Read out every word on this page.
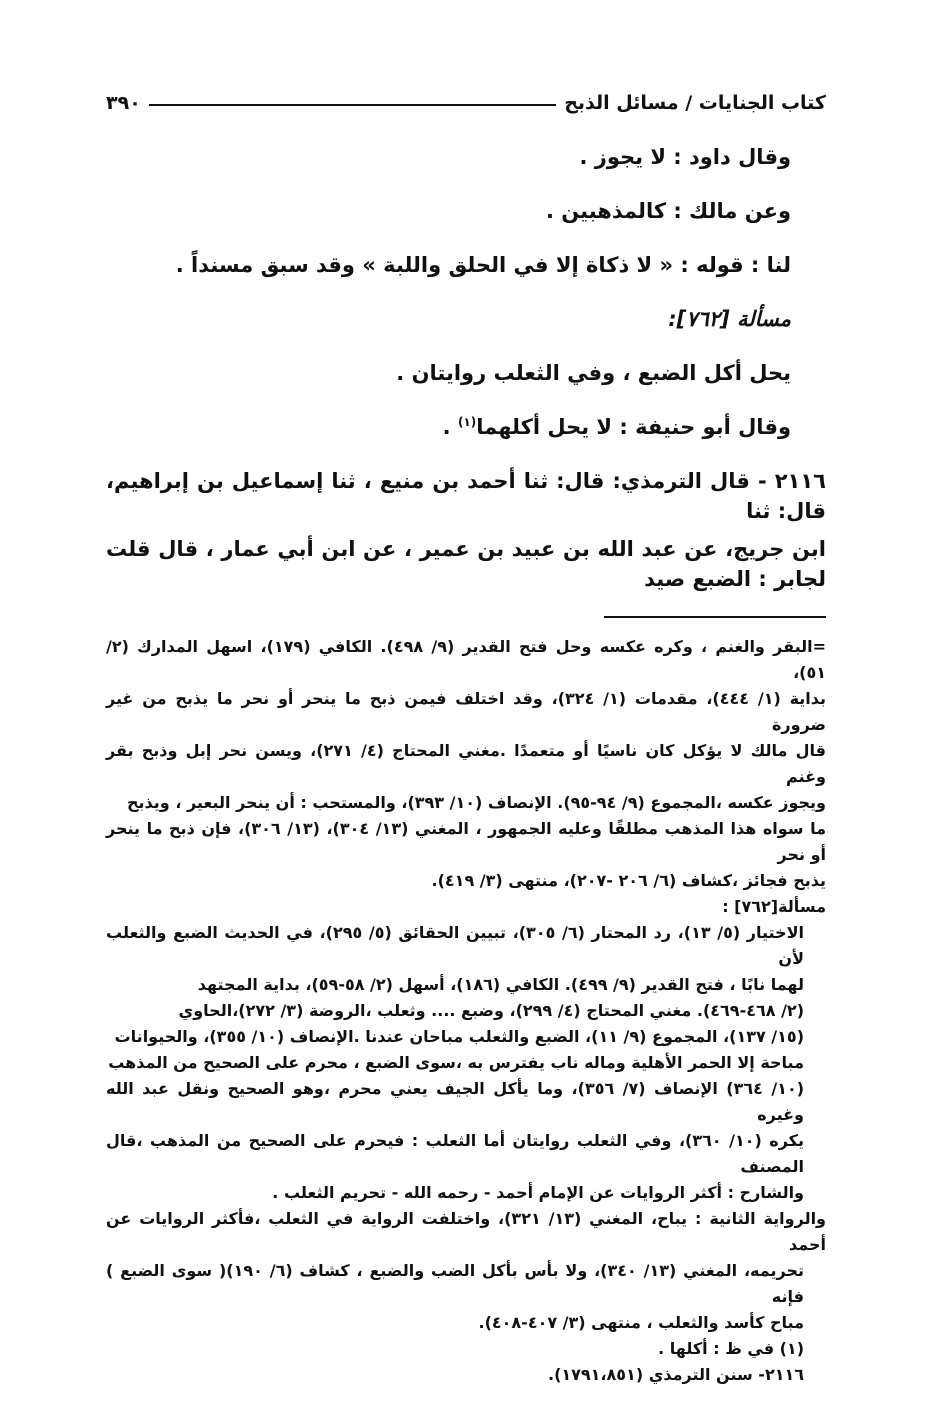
كتاب الجنايات / مسائل الذبح
٣٩٠
وقال داود : لا يجوز .
وعن مالك : كالمذهبين .
لنا : قوله : « لا ذكاة إلا في الحلق واللبة » وقد سبق مسنداً .
مسألة [٧٦٢]:
يحل أكل الضبع ، وفي الثعلب روايتان .
وقال أبو حنيفة : لا يحل أكلهما$^{(١)}$ .
٢١١٦ - قال الترمذي: قال: ثنا أحمد بن منيع ، ثنا إسماعيل بن إبراهيم، قال: ثنا
ابن جريج، عن عبد الله بن عبيد بن عمير ، عن ابن أبي عمار ، قال قلت لجابر : الضبع صيد
=البقر والغنم ، وكره عكسه وحل فتح القدير (٩/ ٤٩٨). الكافي (١٧٩)، اسهل المدارك (٢/ ٥١)،
بداية (١/ ٤٤٤)، مقدمات (١/ ٣٢٤)، وقد اختلف فيمن ذبح ما ينحر أو نحر ما يذبح من غير ضرورة
قال مالك لا يؤكل كان ناسيًا أو متعمدًا .مغني المحتاج (٤/ ٢٧١)، ويسن نحر إبل وذبح بقر وغنم
ويجوز عكسه ،المجموع (٩/ ٩٤-٩٥). الإنصاف (١٠/ ٣٩٣)، والمستحب : أن ينحر البعير ، ويذبح
ما سواه هذا المذهب مطلقًا وعليه الجمهور ، المغني (١٣/ ٣٠٤)، (١٣/ ٣٠٦)، فإن ذبح ما ينحر أو نحر
يذبح فجائز ،كشاف (٦/ ٢٠٦ -٢٠٧)، منتهى (٣/ ٤١٩).
مسألة[٧٦٢] :
الاختيار (٥/ ١٣)، رد المحتار (٦/ ٣٠٥)، تبيين الحقائق (٥/ ٢٩٥)، في الحديث الضبع والثعلب لأن
لهما نابًا ، فتح القدير (٩/ ٤٩٩). الكافي (١٨٦)، أسهل (٢/ ٥٨-٥٩)، بداية المجتهد
(٢/ ٤٦٨-٤٦٩). مغني المحتاج (٤/ ٢٩٩)، وضبع .... وثعلب ،الروضة (٣/ ٢٧٢)،الحاوي
(١٥/ ١٣٧)، المجموع (٩/ ١١)، الضبع والثعلب مباحان عندنا .الإنصاف (١٠/ ٣٥٥)، والحيوانات
مباحة إلا الحمر الأهلية وماله ناب يفترس به ،سوى الضبع ، محرم على الصحيح من المذهب
(١٠/ ٣٦٤) الإنصاف (٧/ ٣٥٦)، وما يأكل الجيف يعني محرم ،وهو الصحيح ونقل عبد الله وغيره
يكره (١٠/ ٣٦٠)، وفي الثعلب روايتان أما الثعلب : فيحرم على الصحيح من المذهب ،قال المصنف
والشارح : أكثر الروايات عن الإمام أحمد - رحمه الله - تحريم الثعلب .
والرواية الثانية : يباح، المغني (١٣/ ٣٢١)، واختلفت الرواية في الثعلب ،فأكثر الروايات عن أحمد
تحريمه، المغني (١٣/ ٣٤٠)، ولا بأس بأكل الضب والضبع ، كشاف (٦/ ١٩٠)( سوى الضبع ) فإنه
مباح كأسد والثعلب ، منتهى (٣/ ٤٠٧-٤٠٨).
(١) في ظ : أكلها .
٢١١٦- سنن الترمذي (١٧٩١،٨٥١).
